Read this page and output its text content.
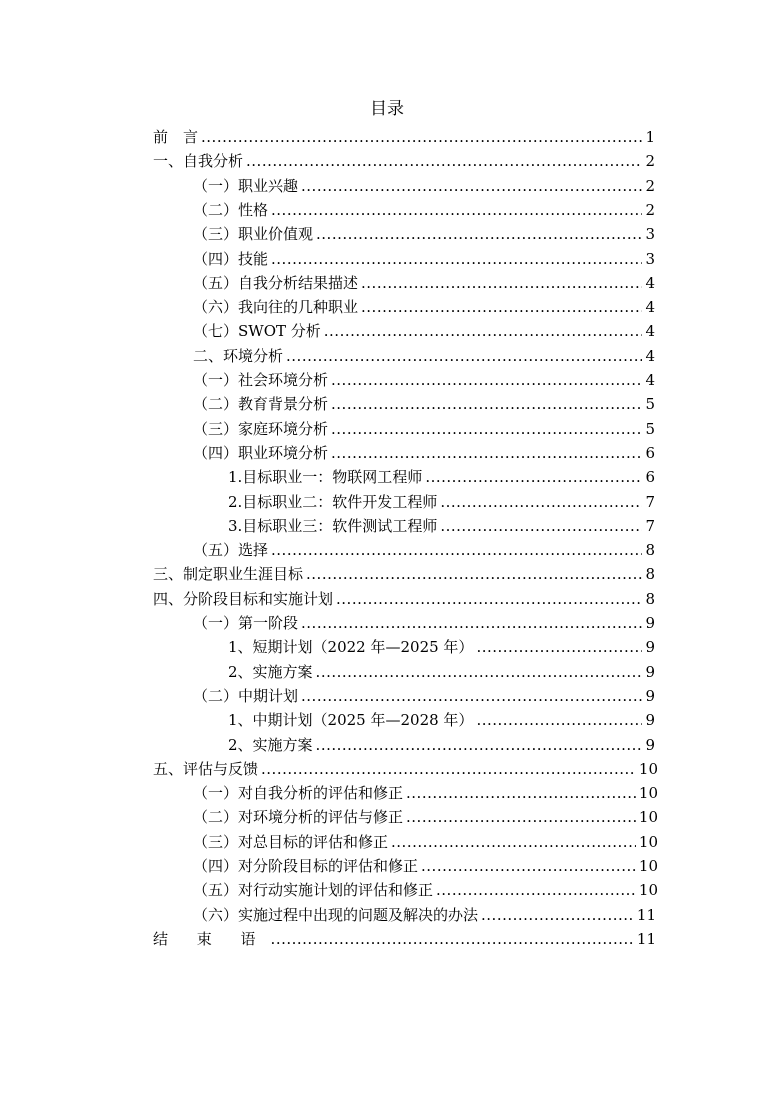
目录
前　言 .....	1
一、自我分析 .....	2
（一）职业兴趣 .....	2
（二）性格 .....	2
（三）职业价值观 .....	3
（四）技能 .....	3
（五）自我分析结果描述 .....	4
（六）我向往的几种职业 .....	4
（七）SWOT 分析 .....	4
二、环境分析 .....	4
（一）社会环境分析 .....	4
（二）教育背景分析 .....	5
（三）家庭环境分析 .....	5
（四）职业环境分析 .....	6
1.目标职业一：物联网工程师 .....	6
2.目标职业二：软件开发工程师 .....	7
3.目标职业三：软件测试工程师 .....	7
（五）选择 .....	8
三、制定职业生涯目标 .....	8
四、分阶段目标和实施计划 .....	8
（一）第一阶段 .....	9
1、短期计划（2022 年—2025 年） .....	9
2、实施方案 .....	9
（二）中期计划 .....	9
1、中期计划（2025 年—2028 年） .....	9
2、实施方案 .....	9
五、评估与反馈 .....	10
（一）对自我分析的评估和修正 .....	10
（二）对环境分析的评估与修正 .....	10
（三）对总目标的评估和修正 .....	10
（四）对分阶段目标的评估和修正 .....	10
（五）对行动实施计划的评估和修正 .....	10
（六）实施过程中出现的问题及解决的办法 .....	11
结 束 语 .....	11
